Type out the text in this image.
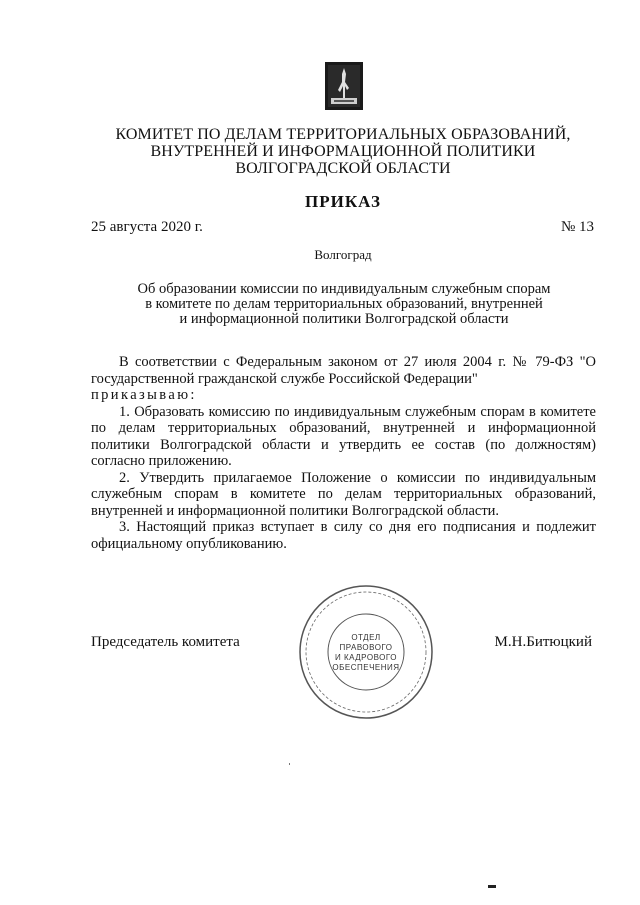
КОМИТЕТ ПО ДЕЛАМ ТЕРРИТОРИАЛЬНЫХ ОБРАЗОВАНИЙ,
ВНУТРЕННЕЙ И ИНФОРМАЦИОННОЙ ПОЛИТИКИ
ВОЛГОГРАДСКОЙ ОБЛАСТИ
ПРИКАЗ
25 августа 2020 г.	№ 13
Волгоград
Об образовании комиссии по индивидуальным служебным спорам
в комитете по делам территориальных образований, внутренней
и информационной политики Волгоградской области

В соответствии с Федеральным законом от 27 июля 2004 г. № 79-ФЗ "О государственной гражданской службе Российской Федерации"

приказываю:

1. Образовать комиссию по индивидуальным служебным спорам в комитете по делам территориальных образований, внутренней и информационной политики Волгоградской области и утвердить ее состав (по должностям) согласно приложению.

2. Утвердить прилагаемое Положение о комиссии по индивидуальным служебным спорам в комитете по делам территориальных образований, внутренней и информационной политики Волгоградской области.

3. Настоящий приказ вступает в силу со дня его подписания и подлежит официальному опубликованию.

ОТДЕЛ
ПРАВОВОГО
И КАДРОВОГО
ОБЕСПЕЧЕНИЯ
Председатель комитета	М.Н.Битюцкий
